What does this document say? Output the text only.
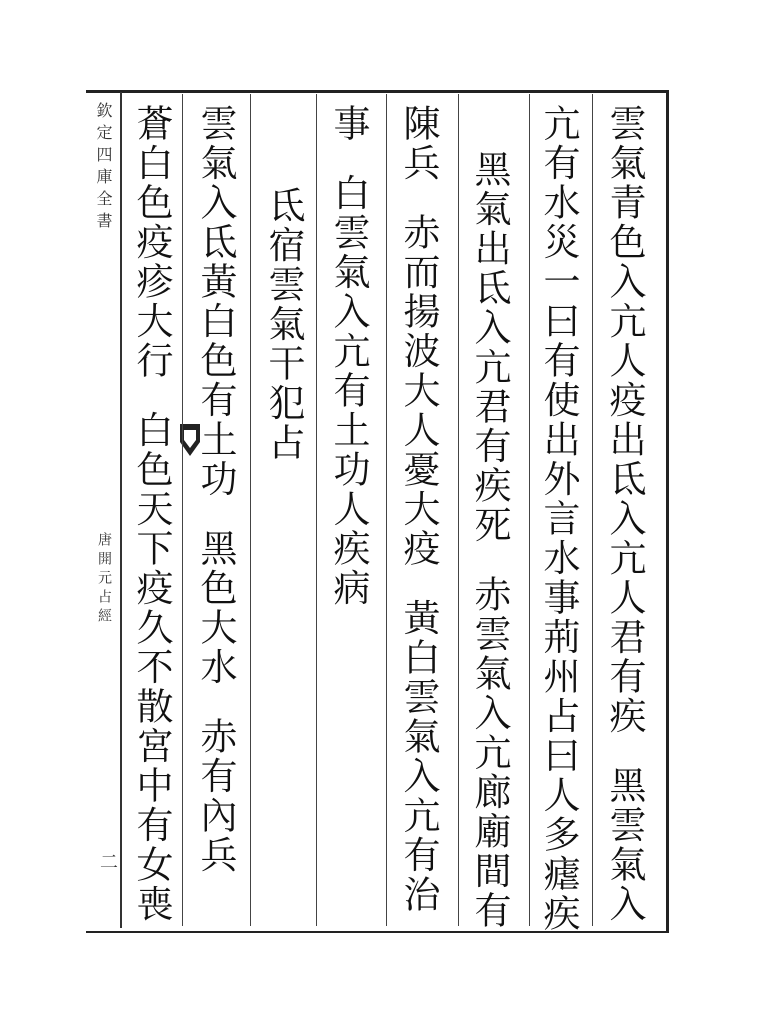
欽定四庫全書
唐開元占經
二
雲氣青色入亢人疫出氐入亢人君有疾黑雲氣入
亢有水災一曰有使出外言水事荊州占曰人多瘧疾
黑氣出氐入亢君有疾死赤雲氣入亢廊廟間有
陳兵赤而揚波大人憂大疫黃白雲氣入亢有治
事白雲氣入亢有土功人疾病
氐宿雲氣干犯占
雲氣入氐黃白色有土功黑色大水赤有內兵
蒼白色疫疹大行白色天下疫久不散宮中有女喪
